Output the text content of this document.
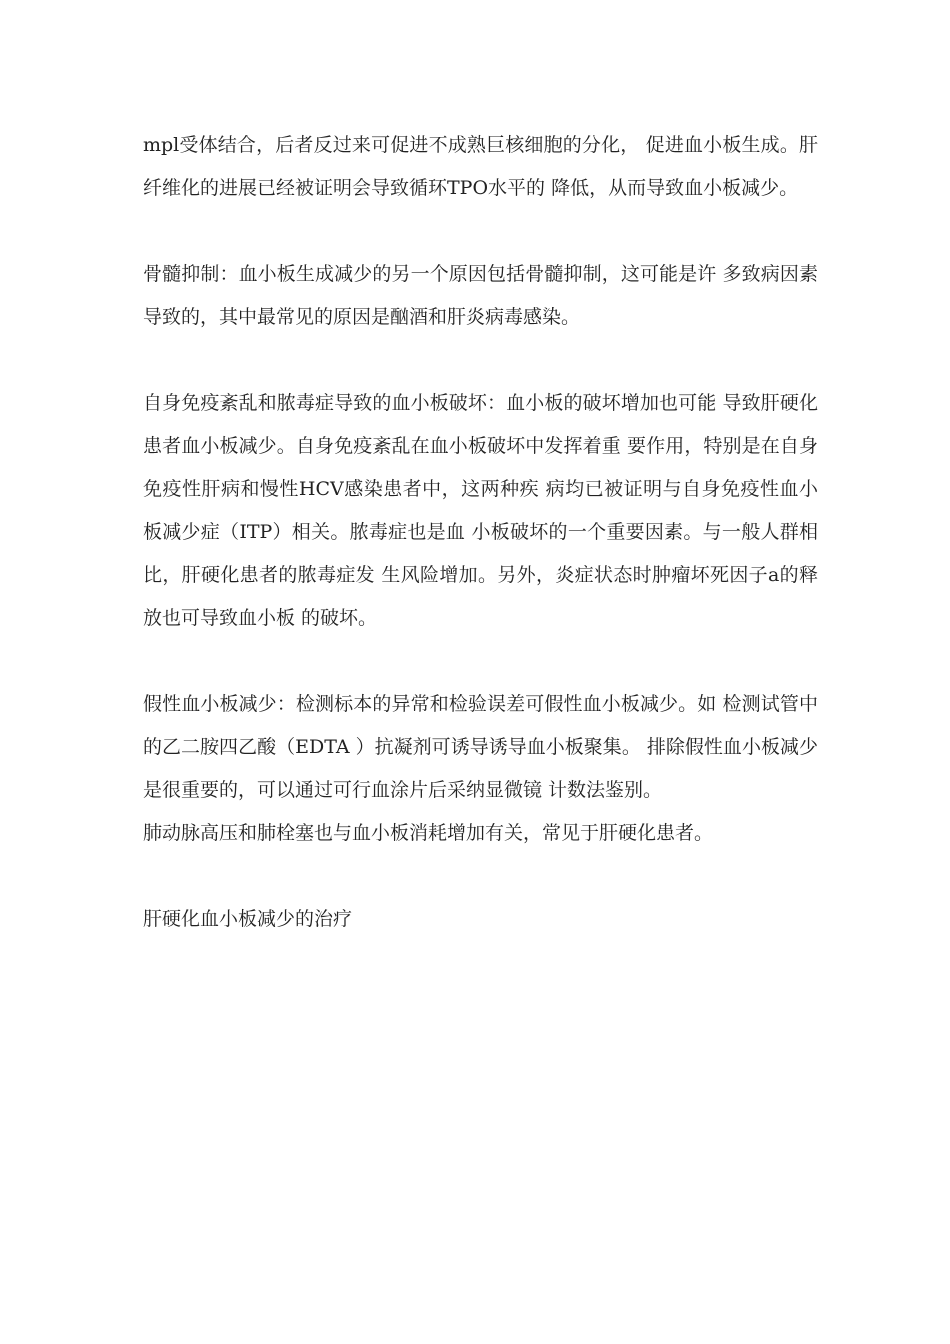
mpl受体结合，后者反过来可促进不成熟巨核细胞的分化， 促进血小板生成。肝纤维化的进展已经被证明会导致循环TPO水平的 降低，从而导致血小板减少。

骨髓抑制：血小板生成减少的另一个原因包括骨髓抑制，这可能是许 多致病因素导致的，其中最常见的原因是酗酒和肝炎病毒感染。

自身免疫紊乱和脓毒症导致的血小板破坏：血小板的破坏增加也可能 导致肝硬化患者血小板减少。自身免疫紊乱在血小板破坏中发挥着重 要作用，特别是在自身免疫性肝病和慢性HCV感染患者中，这两种疾 病均已被证明与自身免疫性血小板减少症（ITP）相关。脓毒症也是血 小板破坏的一个重要因素。与一般人群相比，肝硬化患者的脓毒症发 生风险增加。另外，炎症状态时肿瘤坏死因子a的释放也可导致血小板 的破坏。

假性血小板减少：检测标本的异常和检验误差可假性血小板减少。如 检测试管中的乙二胺四乙酸（EDTA ）抗凝剂可诱导诱导血小板聚集。 排除假性血小板减少是很重要的，可以通过可行血涂片后采纳显微镜 计数法鉴别。

肺动脉高压和肺栓塞也与血小板消耗增加有关，常见于肝硬化患者。

肝硬化血小板减少的治疗
